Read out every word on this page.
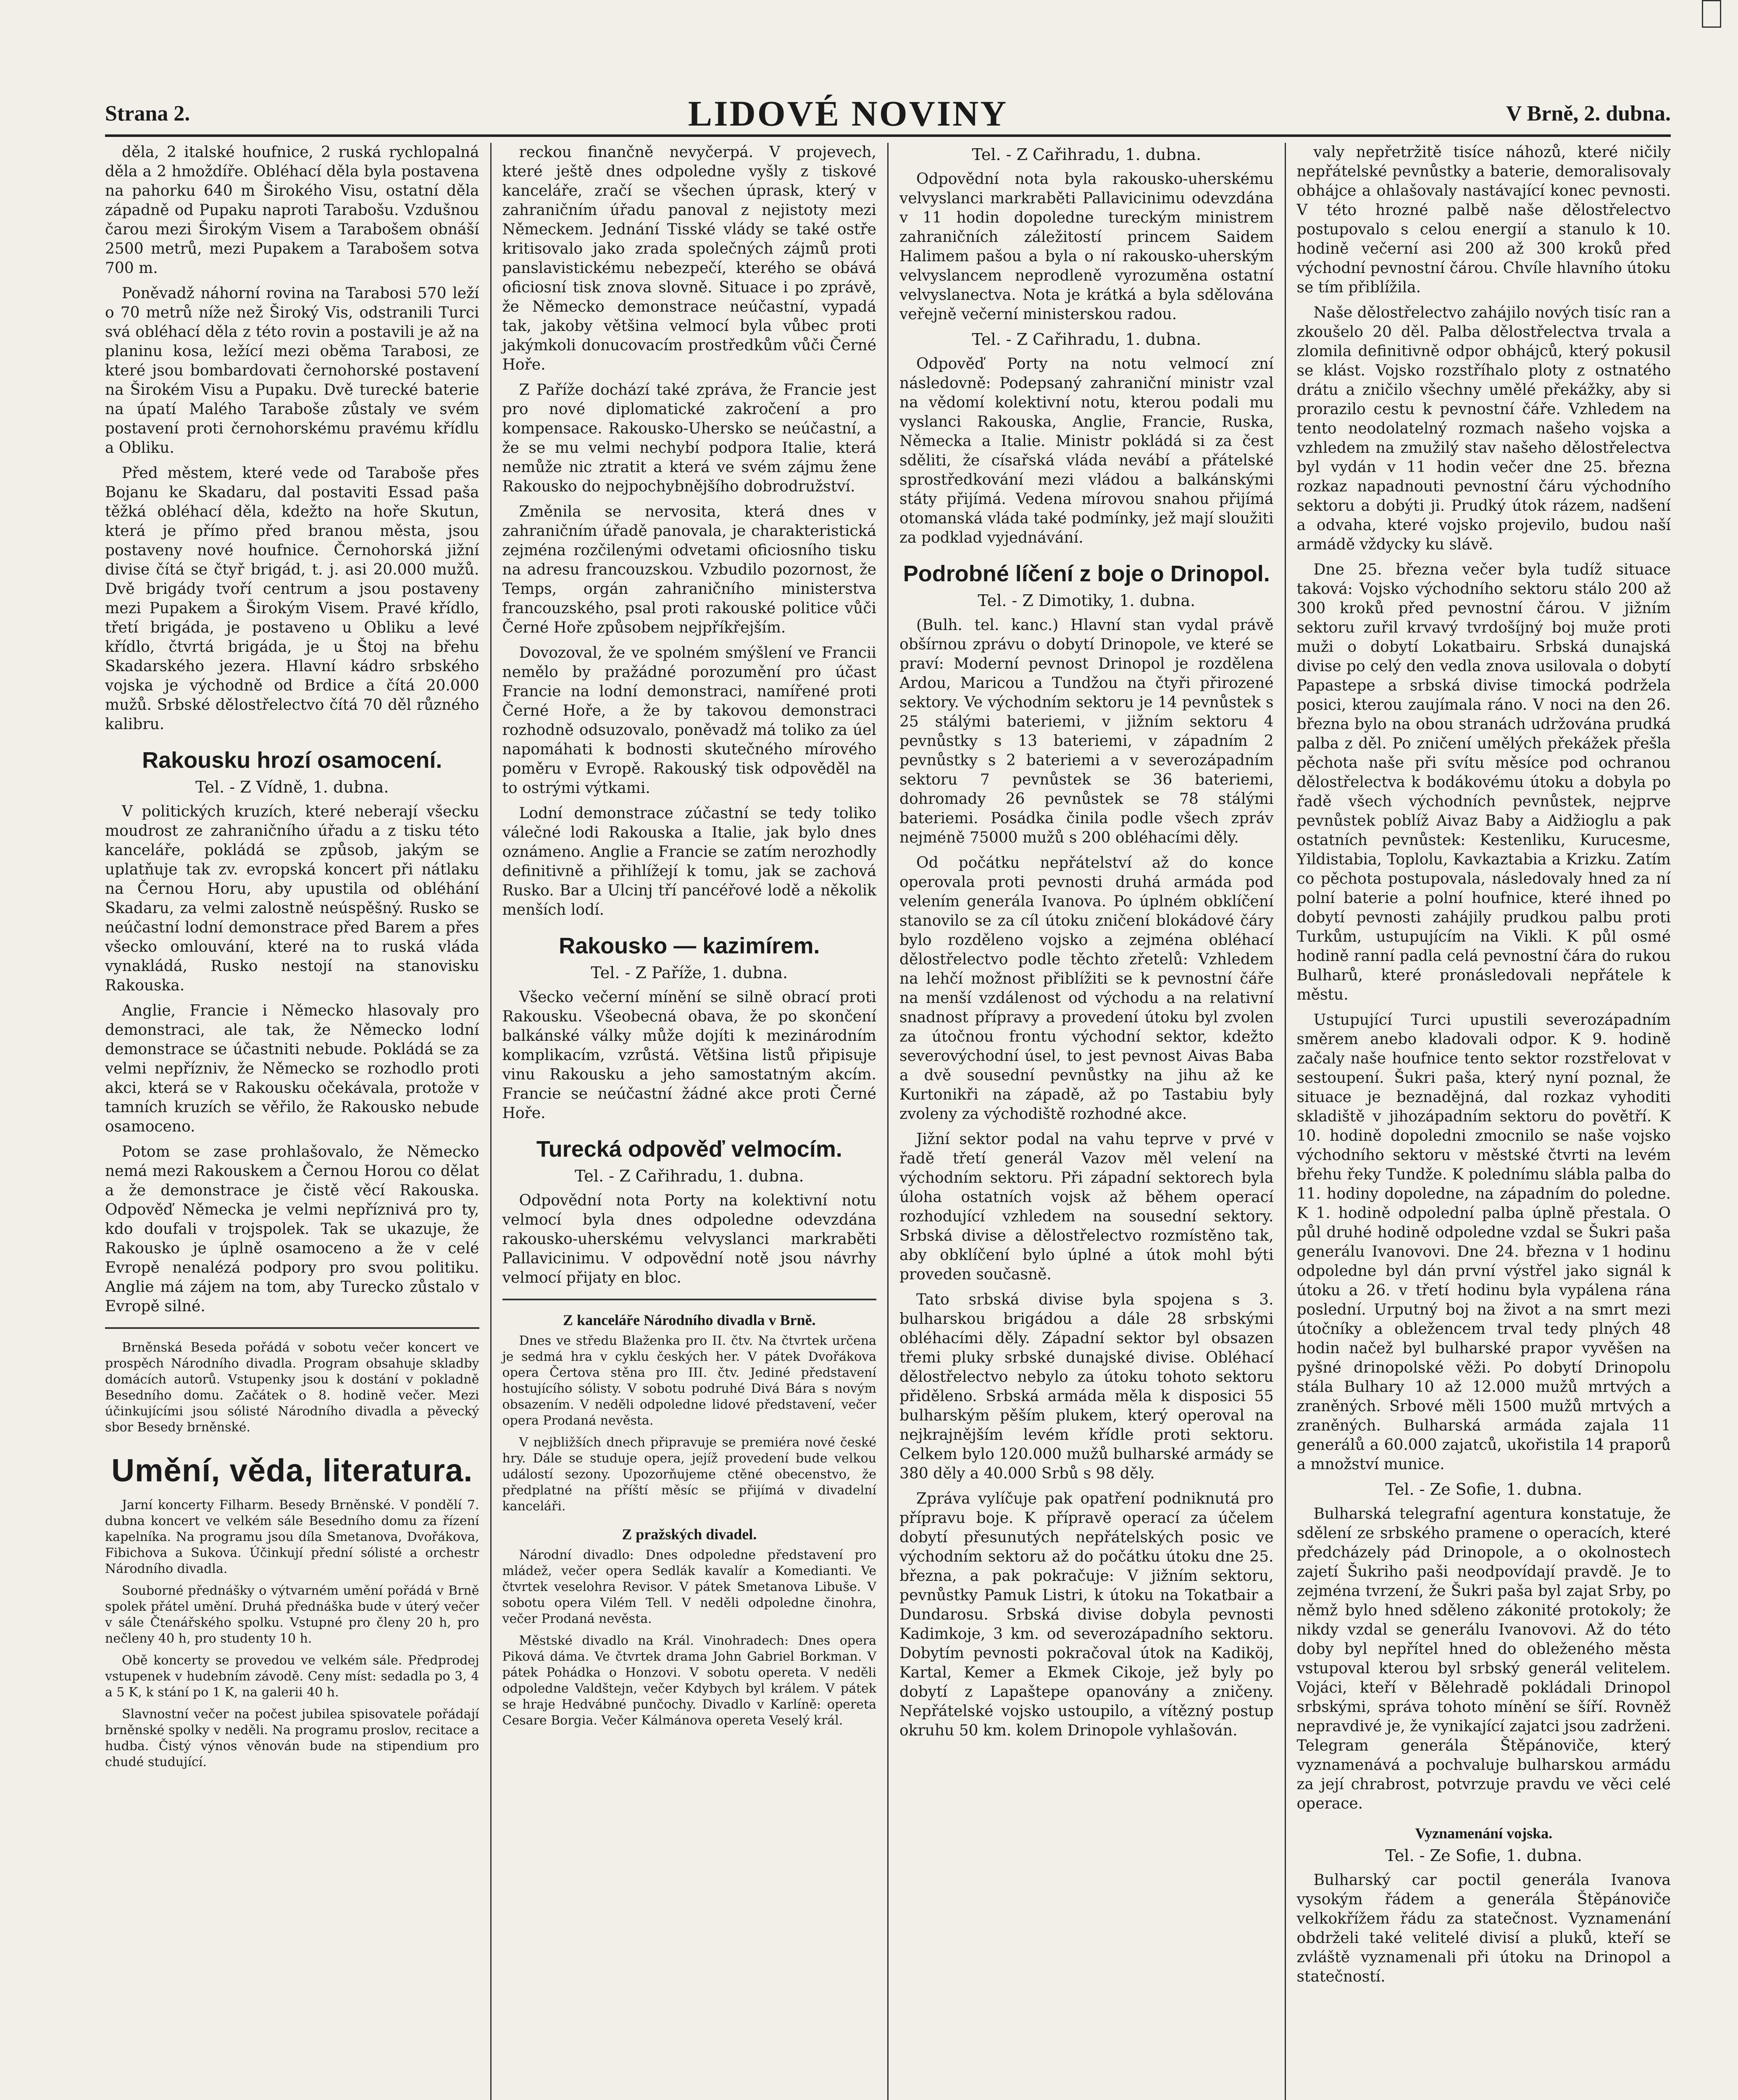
Strana 2.	LIDOVÉ NOVINY	V Brně, 2. dubna.

děla, 2 italské houfnice, 2 ruská rychlopalná děla a 2 hmoždíře. Obléhací děla byla postavena na pahorku 640 m Širokého Visu, ostatní děla západně od Pupaku naproti Tarabošu. Vzdušnou čarou mezi Širokým Visem a Tarabošem obnáší 2500 metrů, mezi Pupakem a Tarabošem sotva 700 m.

Poněvadž náhorní rovina na Tarabosi 570 leží o 70 metrů níže než Široký Vis, odstranili Turci svá obléhací děla z této rovin a postavili je až na planinu kosa, ležící mezi oběma Tarabosi, ze které jsou bombardovati černohorské postavení na Širokém Visu a Pupaku. Dvě turecké baterie na úpatí Malého Taraboše zůstaly ve svém postavení proti černohorskému pravému křídlu a Obliku.

Před městem, které vede od Taraboše přes Bojanu ke Skadaru, dal postaviti Essad paša těžká obléhací děla, kdežto na hoře Skutun, která je přímo před branou města, jsou postaveny nové houfnice. Černohorská jižní divise čítá se čtyř brigád, t. j. asi 20.000 mužů. Dvě brigády tvoří centrum a jsou postaveny mezi Pupakem a Širokým Visem. Pravé křídlo, třetí brigáda, je postaveno u Obliku a levé křídlo, čtvrtá brigáda, je u Štoj na břehu Skadarského jezera. Hlavní kádro srbského vojska je východně od Brdice a čítá 20.000 mužů. Srbské dělostřelectvo čítá 70 děl různého kalibru.

Rakousku hrozí osamocení.
Tel. - Z Vídně, 1. dubna.

V politických kruzích, které neberají všecku moudrost ze zahraničního úřadu a z tisku této kanceláře, pokládá se způsob, jakým se uplatňuje tak zv. evropská koncert při nátlaku na Černou Horu, aby upustila od obléhání Skadaru, za velmi zalostně neúspěšný. Rusko se neúčastní lodní demonstrace před Barem a přes všecko omlouvání, které na to ruská vláda vynakládá, Rusko nestojí na stanovisku Rakouska.

Anglie, Francie i Německo hlasovaly pro demonstraci, ale tak, že Německo lodní demonstrace se účastniti nebude. Pokládá se za velmi nepřízniv, že Německo se rozhodlo proti akci, která se v Rakousku očekávala, protože v tamních kruzích se věřilo, že Rakousko nebude osamoceno.

Potom se zase prohlašovalo, že Německo nemá mezi Rakouskem a Černou Horou co dělat a že demonstrace je čistě věcí Rakouska. Odpověď Německa je velmi nepříznivá pro ty, kdo doufali v trojspolek. Tak se ukazuje, že Rakousko je úplně osamoceno a že v celé Evropě nenalézá podpory pro svou politiku. Anglie má zájem na tom, aby Turecko zůstalo v Evropě silné.

Brněnská Beseda pořádá v sobotu večer koncert ve prospěch Národního divadla. Program obsahuje skladby domácích autorů. Vstupenky jsou k dostání v pokladně Besedního domu. Začátek o 8. hodině večer. Mezi účinkujícími jsou sólisté Národního divadla a pěvecký sbor Besedy brněnské.

Umění, věda, literatura.

Jarní koncerty Filharm. Besedy Brněnské. V pondělí 7. dubna koncert ve velkém sále Besedního domu za řízení kapelníka. Na programu jsou díla Smetanova, Dvořákova, Fibichova a Sukova. Účinkují přední sólisté a orchestr Národního divadla.

Souborné přednášky o výtvarném umění pořádá v Brně spolek přátel umění. Druhá přednáška bude v úterý večer v sále Čtenářského spolku. Vstupné pro členy 20 h, pro nečleny 40 h, pro studenty 10 h.

Obě koncerty se provedou ve velkém sále. Předprodej vstupenek v hudebním závodě. Ceny míst: sedadla po 3, 4 a 5 K, k stání po 1 K, na galerii 40 h.

Slavnostní večer na počest jubilea spisovatele pořádají brněnské spolky v neděli. Na programu proslov, recitace a hudba. Čistý výnos věnován bude na stipendium pro chudé studující.

reckou finančně nevyčerpá. V projevech, které ještě dnes odpoledne vyšly z tiskové kanceláře, zračí se všechen úprask, který v zahraničním úřadu panoval z nejistoty mezi Německem. Jednání Tisské vlády se také ostře kritisovalo jako zrada společných zájmů proti panslavistickému nebezpečí, kterého se obává oficiosní tisk znova slovně. Situace i po zprávě, že Německo demonstrace neúčastní, vypadá tak, jakoby většina velmocí byla vůbec proti jakýmkoli donucovacím prostředkům vůči Černé Hoře.

Z Paříže dochází také zpráva, že Francie jest pro nové diplomatické zakročení a pro kompensace. Rakousko-Uhersko se neúčastní, a že se mu velmi nechybí podpora Italie, která nemůže nic ztratit a která ve svém zájmu žene Rakousko do nejpochybnějšího dobrodružství.

Změnila se nervosita, která dnes v zahraničním úřadě panovala, je charakteristická zejména rozčilenými odvetami oficiosního tisku na adresu francouzskou. Vzbudilo pozornost, že Temps, orgán zahraničního ministerstva francouzského, psal proti rakouské politice vůči Černé Hoře způsobem nejpříkřejším.

Dovozoval, že ve spolném smýšlení ve Francii nemělo by pražádné porozumění pro účast Francie na lodní demonstraci, namířené proti Černé Hoře, a že by takovou demonstraci rozhodně odsuzovalo, poněvadž má toliko za úel napomáhati k bodnosti skutečného mírového poměru v Evropě. Rakouský tisk odpověděl na to ostrými výtkami.

Lodní demonstrace zúčastní se tedy toliko válečné lodi Rakouska a Italie, jak bylo dnes oznámeno. Anglie a Francie se zatím nerozhodly definitivně a přihlížejí k tomu, jak se zachová Rusko. Bar a Ulcinj tří pancéřové lodě a několik menších lodí.

Rakousko — kazimírem.
Tel. - Z Paříže, 1. dubna.

Všecko večerní mínění se silně obrací proti Rakousku. Všeobecná obava, že po skončení balkánské války může dojíti k mezinárodním komplikacím, vzrůstá. Většina listů připisuje vinu Rakousku a jeho samostatným akcím. Francie se neúčastní žádné akce proti Černé Hoře.

Turecká odpověď velmocím.
Tel. - Z Cařihradu, 1. dubna.

Odpovědní nota Porty na kolektivní notu velmocí byla dnes odpoledne odevzdána rakousko-uherskému velvyslanci markraběti Pallavicinimu. V odpovědní notě jsou návrhy velmocí přijaty en bloc.

Z kanceláře Národního divadla v Brně.

Dnes ve středu Blaženka pro II. čtv. Na čtvrtek určena je sedmá hra v cyklu českých her. V pátek Dvořákova opera Čertova stěna pro III. čtv. Jediné představení hostujícího sólisty. V sobotu podruhé Divá Bára s novým obsazením. V neděli odpoledne lidové představení, večer opera Prodaná nevěsta.

V nejbližších dnech připravuje se premiéra nové české hry. Dále se studuje opera, jejíž provedení bude velkou událostí sezony. Upozorňujeme ctěné obecenstvo, že předplatné na příští měsíc se přijímá v divadelní kanceláři.

Z pražských divadel.

Národní divadlo: Dnes odpoledne představení pro mládež, večer opera Sedlák kavalír a Komedianti. Ve čtvrtek veselohra Revisor. V pátek Smetanova Libuše. V sobotu opera Vilém Tell. V neděli odpoledne činohra, večer Prodaná nevěsta.

Městské divadlo na Král. Vinohradech: Dnes opera Piková dáma. Ve čtvrtek drama John Gabriel Borkman. V pátek Pohádka o Honzovi. V sobotu opereta. V neděli odpoledne Valdštejn, večer Kdybych byl králem. V pátek se hraje Hedvábné punčochy. Divadlo v Karlíně: opereta Cesare Borgia. Večer Kálmánova opereta Veselý král.

Tel. - Z Cařihradu, 1. dubna.

Odpovědní nota byla rakousko-uherskému velvyslanci markraběti Pallavicinimu odevzdána v 11 hodin dopoledne tureckým ministrem zahraničních záležitostí princem Saidem Halimem pašou a byla o ní rakousko-uherským velvyslancem neprodleně vyrozuměna ostatní velvyslanectva. Nota je krátká a byla sdělována veřejně večerní ministerskou radou.

Tel. - Z Cařihradu, 1. dubna.

Odpověď Porty na notu velmocí zní následovně: Podepsaný zahraniční ministr vzal na vědomí kolektivní notu, kterou podali mu vyslanci Rakouska, Anglie, Francie, Ruska, Německa a Italie. Ministr pokládá si za čest sděliti, že císařská vláda nevábí a přátelské sprostředkování mezi vládou a balkánskými státy přijímá. Vedena mírovou snahou přijímá otomanská vláda také podmínky, jež mají sloužiti za podklad vyjednávání.

Podrobné líčení z boje o Drinopol.
Tel. - Z Dimotiky, 1. dubna.

(Bulh. tel. kanc.) Hlavní stan vydal právě obšírnou zprávu o dobytí Drinopole, ve které se praví: Moderní pevnost Drinopol je rozdělena Ardou, Maricou a Tundžou na čtyři přirozené sektory. Ve východním sektoru je 14 pevnůstek s 25 stálými bateriemi, v jižním sektoru 4 pevnůstky s 13 bateriemi, v západním 2 pevnůstky s 2 bateriemi a v severozápadním sektoru 7 pevnůstek se 36 bateriemi, dohromady 26 pevnůstek se 78 stálými bateriemi. Posádka činila podle všech zpráv nejméně 75000 mužů s 200 obléhacími děly.

Od počátku nepřátelství až do konce operovala proti pevnosti druhá armáda pod velením generála Ivanova. Po úplném obklíčení stanovilo se za cíl útoku zničení blokádové čáry bylo rozděleno vojsko a zejména obléhací dělostřelectvo podle těchto zřetelů: Vzhledem na lehčí možnost přiblížiti se k pevnostní čáře na menší vzdálenost od východu a na relativní snadnost přípravy a provedení útoku byl zvolen za útočnou frontu východní sektor, kdežto severovýchodní úsel, to jest pevnost Aivas Baba a dvě sousední pevnůstky na jihu až ke Kurtonikři na západě, až po Tastabiu byly zvoleny za východiště rozhodné akce.

Jižní sektor podal na vahu teprve v prvé v řadě třetí generál Vazov měl velení na východním sektoru. Při západní sektorech byla úloha ostatních vojsk až během operací rozhodující vzhledem na sousední sektory. Srbská divise a dělostřelectvo rozmístěno tak, aby obklíčení bylo úplné a útok mohl býti proveden současně.

Tato srbská divise byla spojena s 3. bulharskou brigádou a dále 28 srbskými obléhacími děly. Západní sektor byl obsazen třemi pluky srbské dunajské divise. Obléhací dělostřelectvo nebylo za útoku tohoto sektoru přiděleno. Srbská armáda měla k disposici 55 bulharským pěším plukem, který operoval na nejkrajnějším levém křídle proti sektoru. Celkem bylo 120.000 mužů bulharské armády se 380 děly a 40.000 Srbů s 98 děly.

Zpráva vylíčuje pak opatření podniknutá pro přípravu boje. K přípravě operací za účelem dobytí přesunutých nepřátelských posic ve východním sektoru až do počátku útoku dne 25. března, a pak pokračuje: V jižním sektoru, pevnůstky Pamuk Listri, k útoku na Tokatbair a Dundarosu. Srbská divise dobyla pevnosti Kadimkoje, 3 km. od severozápadního sektoru. Dobytím pevnosti pokračoval útok na Kadiköj, Kartal, Kemer a Ekmek Cikoje, jež byly po dobytí z Lapaštepe opanovány a zničeny. Nepřátelské vojsko ustoupilo, a vítězný postup okruhu 50 km. kolem Drinopole vyhlašován.

valy nepřetržitě tisíce náhozů, které ničily nepřátelské pevnůstky a baterie, demoralisovaly obhájce a ohlašovaly nastávající konec pevnosti. V této hrozné palbě naše dělostřelectvo postupovalo s celou energií a stanulo k 10. hodině večerní asi 200 až 300 kroků před východní pevnostní čárou. Chvíle hlavního útoku se tím přiblížila.

Naše dělostřelectvo zahájilo nových tisíc ran a zkoušelo 20 děl. Palba dělostřelectva trvala a zlomila definitivně odpor obhájců, který pokusil se klást. Vojsko rozstříhalo ploty z ostnatého drátu a zničilo všechny umělé překážky, aby si prorazilo cestu k pevnostní čáře. Vzhledem na tento neodolatelný rozmach našeho vojska a vzhledem na zmužilý stav našeho dělostřelectva byl vydán v 11 hodin večer dne 25. března rozkaz napadnouti pevnostní čáru východního sektoru a dobýti ji. Prudký útok rázem, nadšení a odvaha, které vojsko projevilo, budou naší armádě vždycky ku slávě.

Dne 25. března večer byla tudíž situace taková: Vojsko východního sektoru stálo 200 až 300 kroků před pevnostní čárou. V jižním sektoru zuřil krvavý tvrdošíjný boj muže proti muži o dobytí Lokatbairu. Srbská dunajská divise po celý den vedla znova usilovala o dobytí Papastepe a srbská divise timocká podržela posici, kterou zaujímala ráno. V noci na den 26. března bylo na obou stranách udržována prudká palba z děl. Po zničení umělých překážek přešla pěchota naše při svítu měsíce pod ochranou dělostřelectva k bodákovému útoku a dobyla po řadě všech východních pevnůstek, nejprve pevnůstek poblíž Aivaz Baby a Aidžioglu a pak ostatních pevnůstek: Kestenliku, Kurucesme, Yildistabia, Toplolu, Kavkaztabia a Krizku. Zatím co pěchota postupovala, následovaly hned za ní polní baterie a polní houfnice, které ihned po dobytí pevnosti zahájily prudkou palbu proti Turkům, ustupujícím na Vikli. K půl osmé hodině ranní padla celá pevnostní čára do rukou Bulharů, které pronásledovali nepřátele k městu.

Ustupující Turci upustili severozápadním směrem anebo kladovali odpor. K 9. hodině začaly naše houfnice tento sektor rozstřelovat v sestoupení. Šukri paša, který nyní poznal, že situace je beznadějná, dal rozkaz vyhoditi skladiště v jihozápadním sektoru do povětří. K 10. hodině dopoledni zmocnilo se naše vojsko východního sektoru v městské čtvrti na levém břehu řeky Tundže. K polednímu slábla palba do 11. hodiny dopoledne, na západním do poledne. K 1. hodině odpolední palba úplně přestala. O půl druhé hodině odpoledne vzdal se Šukri paša generálu Ivanovovi. Dne 24. března v 1 hodinu odpoledne byl dán první výstřel jako signál k útoku a 26. v třetí hodinu byla vypálena rána poslední. Urputný boj na život a na smrt mezi útočníky a obležencem trval tedy plných 48 hodin načež byl bulharské prapor vyvěšen na pyšné drinopolské věži. Po dobytí Drinopolu stála Bulhary 10 až 12.000 mužů mrtvých a zraněných. Srbové měli 1500 mužů mrtvých a zraněných. Bulharská armáda zajala 11 generálů a 60.000 zajatců, ukořistila 14 praporů a množství munice.

Tel. - Ze Sofie, 1. dubna.

Bulharská telegrafní agentura konstatuje, že sdělení ze srbského pramene o operacích, které předcházely pád Drinopole, a o okolnostech zajetí Šukriho paši neodpovídají pravdě. Je to zejména tvrzení, že Šukri paša byl zajat Srby, po němž bylo hned sděleno zákonité protokoly; že nikdy vzdal se generálu Ivanovovi. Až do této doby byl nepřítel hned do obleženého města vstupoval kterou byl srbský generál velitelem. Vojáci, kteří v Bělehradě pokládali Drinopol srbskými, správa tohoto mínění se šíří. Rovněž nepravdivé je, že vynikající zajatci jsou zadrženi. Telegram generála Štěpánoviče, který vyznamenává a pochvaluje bulharskou armádu za její chrabrost, potvrzuje pravdu ve věci celé operace.

Vyznamenání vojska.
Tel. - Ze Sofie, 1. dubna.

Bulharský car poctil generála Ivanova vysokým řádem a generála Štěpánoviče velkokřížem řádu za statečnost. Vyznamenání obdrželi také velitelé divisí a pluků, kteří se zvláště vyznamenali při útoku na Drinopol a statečností.
